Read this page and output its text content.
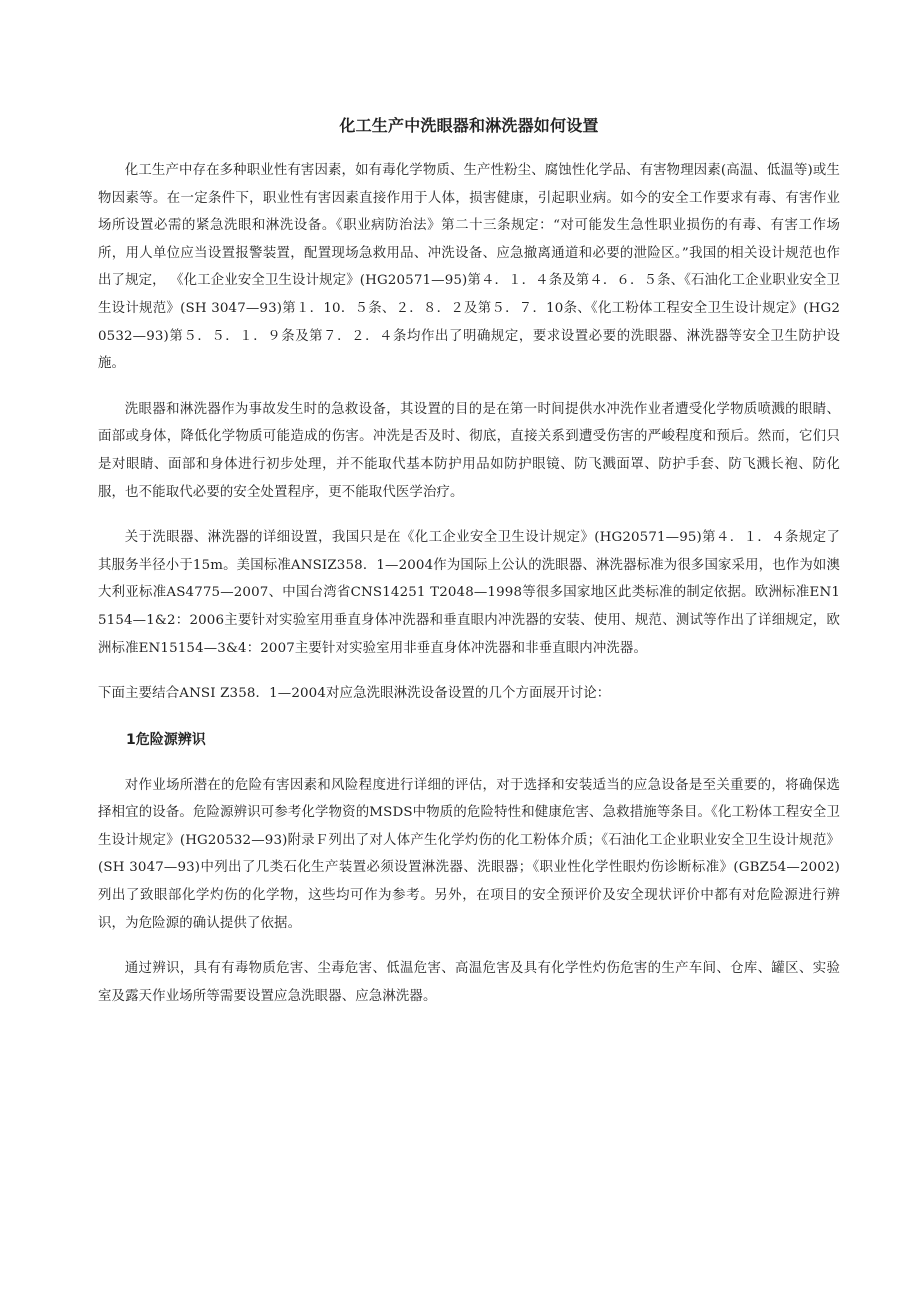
化工生产中洗眼器和淋洗器如何设置

化工生产中存在多种职业性有害因素，如有毒化学物质、生产性粉尘、腐蚀性化学品、有害物理因素(高温、低温等)或生物因素等。在一定条件下，职业性有害因素直接作用于人体，损害健康，引起职业病。如今的安全工作要求有毒、有害作业场所设置必需的紧急洗眼和淋洗设备。《职业病防治法》第二十三条规定：“对可能发生急性职业损伤的有毒、有害工作场所，用人单位应当设置报警装置，配置现场急救用品、冲洗设备、应急撤离通道和必要的泄险区。”我国的相关设计规范也作出了规定， 《化工企业安全卫生设计规定》(HG20571—95)第４．１．４条及第４．６．５条、《石油化工企业职业安全卫生设计规范》(SH 3047—93)第１．10．５条、２．８．２及第５．７．10条、《化工粉体工程安全卫生设计规定》(HG20532—93)第５．５．１．９条及第７．２．４条均作出了明确规定，要求设置必要的洗眼器、淋洗器等安全卫生防护设施。

洗眼器和淋洗器作为事故发生时的急救设备，其设置的目的是在第一时间提供水冲洗作业者遭受化学物质喷溅的眼睛、面部或身体，降低化学物质可能造成的伤害。冲洗是否及时、彻底，直接关系到遭受伤害的严峻程度和预后。然而，它们只是对眼睛、面部和身体进行初步处理，并不能取代基本防护用品如防护眼镜、防飞溅面罩、防护手套、防飞溅长袍、防化服，也不能取代必要的安全处置程序，更不能取代医学治疗。

关于洗眼器、淋洗器的详细设置，我国只是在《化工企业安全卫生设计规定》(HG20571—95)第４．１．４条规定了其服务半径小于15m。美国标准ANSIZ358．1—2004作为国际上公认的洗眼器、淋洗器标准为很多国家采用，也作为如澳大利亚标准AS4775—2007、中国台湾省CNS14251 T2048—1998等很多国家地区此类标准的制定依据。欧洲标准EN15154—1&2：2006主要针对实验室用垂直身体冲洗器和垂直眼内冲洗器的安装、使用、规范、测试等作出了详细规定，欧洲标准EN15154—3&4：2007主要针对实验室用非垂直身体冲洗器和非垂直眼内冲洗器。

下面主要结合ANSI Z358．1—2004对应急洗眼淋洗设备设置的几个方面展开讨论：

1危险源辨识

对作业场所潜在的危险有害因素和风险程度进行详细的评估，对于选择和安装适当的应急设备是至关重要的，将确保选择相宜的设备。危险源辨识可参考化学物资的MSDS中物质的危险特性和健康危害、急救措施等条目。《化工粉体工程安全卫生设计规定》(HG20532—93)附录Ｆ列出了对人体产生化学灼伤的化工粉体介质；《石油化工企业职业安全卫生设计规范》(SH 3047—93)中列出了几类石化生产装置必须设置淋洗器、洗眼器；《职业性化学性眼灼伤诊断标准》(GBZ54—2002)列出了致眼部化学灼伤的化学物，这些均可作为参考。另外，在项目的安全预评价及安全现状评价中都有对危险源进行辨识，为危险源的确认提供了依据。

通过辨识，具有有毒物质危害、尘毒危害、低温危害、高温危害及具有化学性灼伤危害的生产车间、仓库、罐区、实验室及露天作业场所等需要设置应急洗眼器、应急淋洗器。
